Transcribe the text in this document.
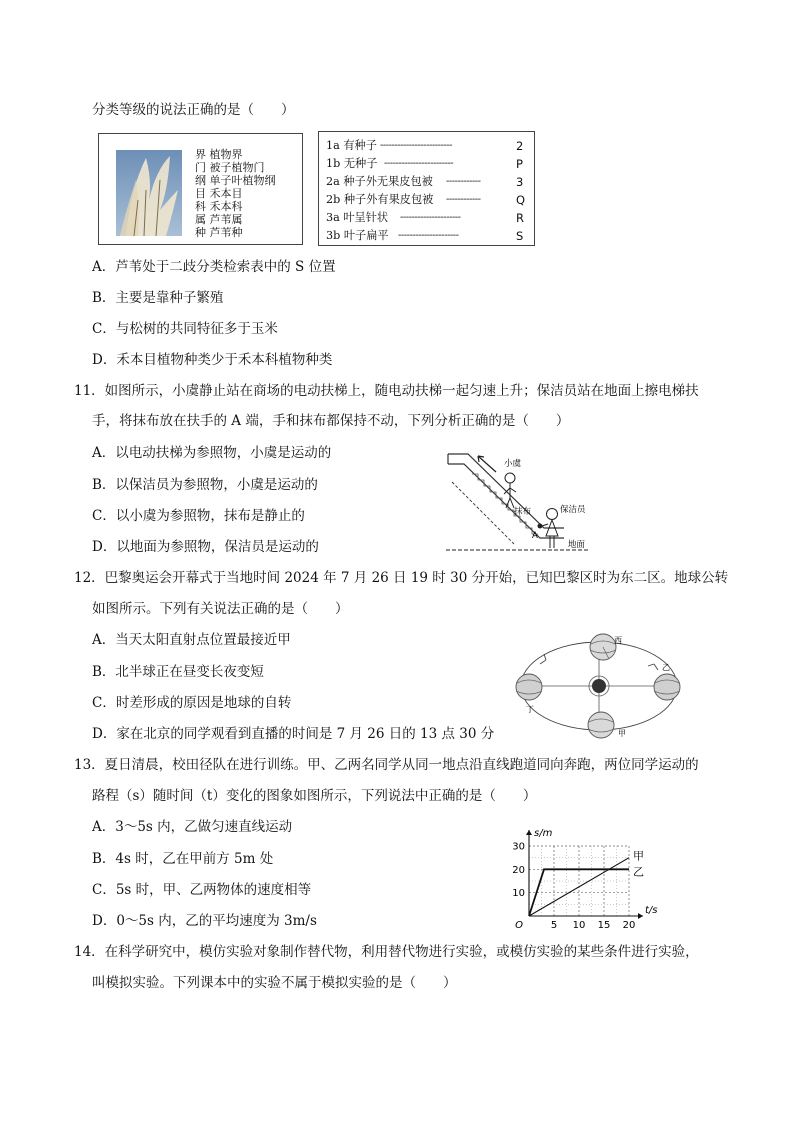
分类等级的说法正确的是（　　）
界 植物界
门 被子植物门
纲 单子叶植物纲
目 禾本目
科 禾本科
属 芦苇属
种 芦苇种
1a 有种子 -------------------------	2
1b 无种子 ------------------------	P
2a 种子外无果皮包被 ------------	3
2b 种子外有果皮包被 ------------	Q
3a 叶呈针状 ---------------------	R
3b 叶子扁平 ---------------------	S
A．芦苇处于二歧分类检索表中的 S 位置
B．主要是靠种子繁殖
C．与松树的共同特征多于玉米
D．禾本目植物种类少于禾本科植物种类
11．如图所示，小虞静止站在商场的电动扶梯上，随电动扶梯一起匀速上升；保洁员站在地面上擦电梯扶
手，将抹布放在扶手的 A 端，手和抹布都保持不动，下列分析正确的是（　　）
A．以电动扶梯为参照物，小虞是运动的
B．以保洁员为参照物，小虞是运动的
C．以小虞为参照物，抹布是静止的
D．以地面为参照物，保洁员是运动的
小虞
保洁员
抹布
A
地面
12．巴黎奥运会开幕式于当地时间 2024 年 7 月 26 日 19 时 30 分开始，已知巴黎区时为东二区。地球公转
如图所示。下列有关说法正确的是（　　）
A．当天太阳直射点位置最接近甲
B．北半球正在昼变长夜变短
C．时差形成的原因是地球的自转
D．家在北京的同学观看到直播的时间是 7 月 26 日的 13 点 30 分
西
乙
丁
甲
13．夏日清晨，校田径队在进行训练。甲、乙两名同学从同一地点沿直线跑道同向奔跑，两位同学运动的
路程（s）随时间（t）变化的图象如图所示，下列说法中正确的是（　　）
A．3～5s 内，乙做匀速直线运动
B．4s 时，乙在甲前方 5m 处
C．5s 时，甲、乙两物体的速度相等
D．0～5s 内，乙的平均速度为 3m/s	5 10 15 20
10
20
30
O
t/s
s/m
甲
乙
14．在科学研究中，模仿实验对象制作替代物，利用替代物进行实验，或模仿实验的某些条件进行实验，
叫模拟实验。下列课本中的实验不属于模拟实验的是（　　）
